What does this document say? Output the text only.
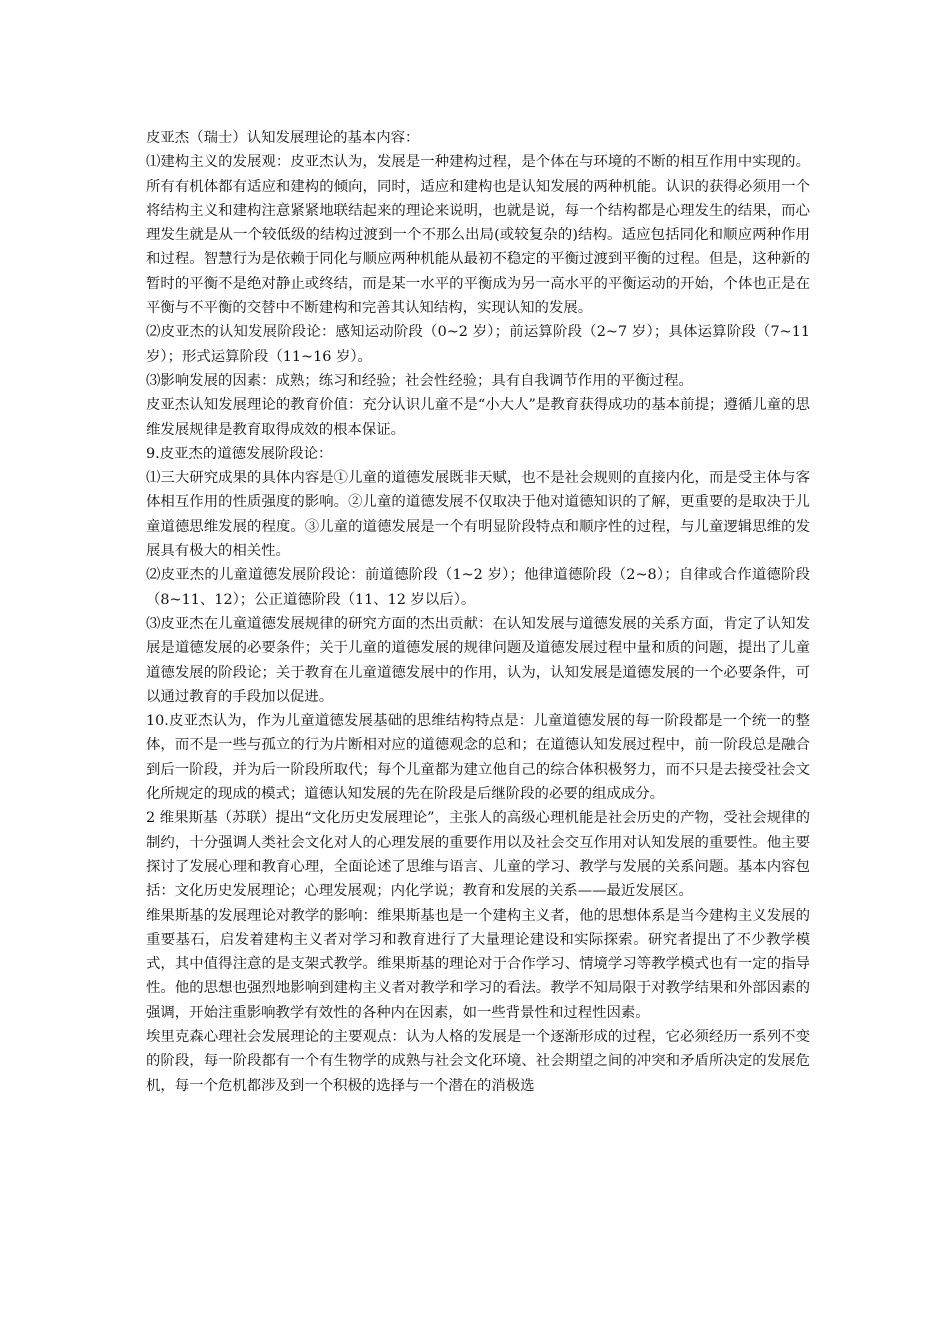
皮亚杰（瑞士）认知发展理论的基本内容：

⑴建构主义的发展观：皮亚杰认为，发展是一种建构过程，是个体在与环境的不断的相互作用中实现的。所有有机体都有适应和建构的倾向，同时，适应和建构也是认知发展的两种机能。认识的获得必须用一个将结构主义和建构注意紧紧地联结起来的理论来说明，也就是说，每一个结构都是心理发生的结果，而心理发生就是从一个较低级的结构过渡到一个不那么出局(或较复杂的)结构。适应包括同化和顺应两种作用和过程。智慧行为是依赖于同化与顺应两种机能从最初不稳定的平衡过渡到平衡的过程。但是，这种新的暂时的平衡不是绝对静止或终结，而是某一水平的平衡成为另一高水平的平衡运动的开始，个体也正是在平衡与不平衡的交替中不断建构和完善其认知结构，实现认知的发展。

⑵皮亚杰的认知发展阶段论：感知运动阶段（0~2 岁）；前运算阶段（2~7 岁）；具体运算阶段（7~11 岁）；形式运算阶段（11~16 岁）。

⑶影响发展的因素：成熟；练习和经验；社会性经验；具有自我调节作用的平衡过程。

皮亚杰认知发展理论的教育价值：充分认识儿童不是“小大人”是教育获得成功的基本前提；遵循儿童的思维发展规律是教育取得成效的根本保证。

9.皮亚杰的道德发展阶段论：

⑴三大研究成果的具体内容是①儿童的道德发展既非天赋，也不是社会规则的直接内化，而是受主体与客体相互作用的性质强度的影响。②儿童的道德发展不仅取决于他对道德知识的了解，更重要的是取决于儿童道德思维发展的程度。③儿童的道德发展是一个有明显阶段特点和顺序性的过程，与儿童逻辑思维的发展具有极大的相关性。

⑵皮亚杰的儿童道德发展阶段论：前道德阶段（1~2 岁）；他律道德阶段（2~8）；自律或合作道德阶段（8~11、12）；公正道德阶段（11、12 岁以后）。

⑶皮亚杰在儿童道德发展规律的研究方面的杰出贡献：在认知发展与道德发展的关系方面，肯定了认知发展是道德发展的必要条件；关于儿童的道德发展的规律问题及道德发展过程中量和质的问题，提出了儿童道德发展的阶段论；关于教育在儿童道德发展中的作用，认为，认知发展是道德发展的一个必要条件，可以通过教育的手段加以促进。

10.皮亚杰认为，作为儿童道德发展基础的思维结构特点是：儿童道德发展的每一阶段都是一个统一的整体，而不是一些与孤立的行为片断相对应的道德观念的总和；在道德认知发展过程中，前一阶段总是融合到后一阶段，并为后一阶段所取代；每个儿童都为建立他自己的综合体积极努力，而不只是去接受社会文化所规定的现成的模式；道德认知发展的先在阶段是后继阶段的必要的组成成分。

2 维果斯基（苏联）提出“文化历史发展理论”，主张人的高级心理机能是社会历史的产物，受社会规律的制约，十分强调人类社会文化对人的心理发展的重要作用以及社会交互作用对认知发展的重要性。他主要探讨了发展心理和教育心理，全面论述了思维与语言、儿童的学习、教学与发展的关系问题。基本内容包括：文化历史发展理论；心理发展观；内化学说；教育和发展的关系——最近发展区。

维果斯基的发展理论对教学的影响：维果斯基也是一个建构主义者，他的思想体系是当今建构主义发展的重要基石，启发着建构主义者对学习和教育进行了大量理论建设和实际探索。研究者提出了不少教学模式，其中值得注意的是支架式教学。维果斯基的理论对于合作学习、情境学习等教学模式也有一定的指导性。他的思想也强烈地影响到建构主义者对教学和学习的看法。教学不知局限于对教学结果和外部因素的强调，开始注重影响教学有效性的各种内在因素，如一些背景性和过程性因素。

埃里克森心理社会发展理论的主要观点：认为人格的发展是一个逐渐形成的过程，它必须经历一系列不变的阶段，每一阶段都有一个有生物学的成熟与社会文化环境、社会期望之间的冲突和矛盾所决定的发展危机，每一个危机都涉及到一个积极的选择与一个潜在的消极选
